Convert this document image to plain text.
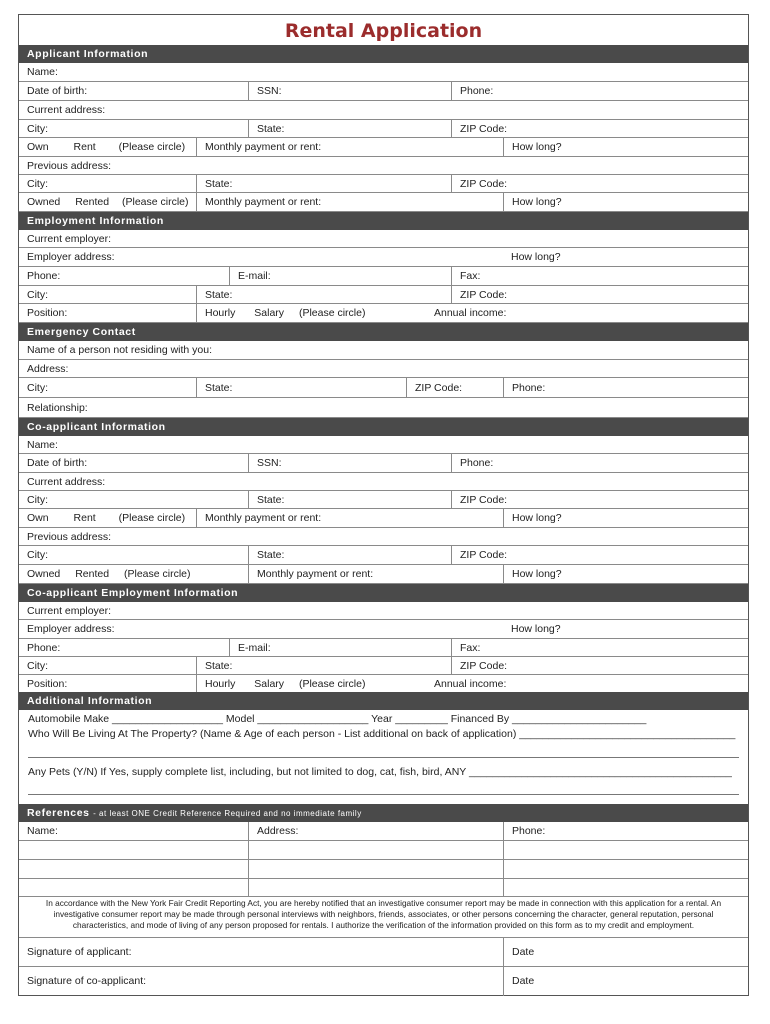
Rental Application
Applicant Information
Name:
Date of birth:	SSN:	Phone:
Current address:
City:	State:	ZIP Code:
Own Rent (Please circle)	Monthly payment or rent:	How long?
Previous address:
City:	State:	ZIP Code:
Owned Rented (Please circle)	Monthly payment or rent:	How long?
Employment Information
Current employer:
Employer address:	How long?
Phone:	E-mail:	Fax:
City:	State:	ZIP Code:
Position:	Hourly Salary (Please circle)	Annual income:
Emergency Contact
Name of a person not residing with you:
Address:
City:	State:	ZIP Code:	Phone:
Relationship:
Co-applicant Information
Name:
Date of birth:	SSN:	Phone:
Current address:
City:	State:	ZIP Code:
Own Rent (Please circle)	Monthly payment or rent:	How long?
Previous address:
City:	State:	ZIP Code:
Owned Rented (Please circle)	Monthly payment or rent:	How long?
Co-applicant Employment Information
Current employer:
Employer address:	How long?
Phone:	E-mail:	Fax:
City:	State:	ZIP Code:
Position:	Hourly Salary (Please circle)	Annual income:
Additional Information
Automobile Make ___________________ Model ___________________ Year _________ Financed By _______________________
Who Will Be Living At The Property? (Name & Age of each person - List additional on back of application) _____________________________________
Any Pets (Y/N) If Yes, supply complete list, including, but not limited to dog, cat, fish, bird, ANY _____________________________________________
References - at least ONE Credit Reference Required and no immediate family
Name:	Address:	Phone:
In accordance with the New York Fair Credit Reporting Act, you are hereby notified that an investigative consumer report may be made in connection with this application for a rental. An investigative consumer report may be made through personal interviews with neighbors, friends, associates, or other persons concerning the character, general reputation, personal characteristics, and mode of living of any person proposed for rentals. I authorize the verification of the information provided on this form as to my credit and employment.
Signature of applicant:	Date
Signature of co-applicant:	Date
